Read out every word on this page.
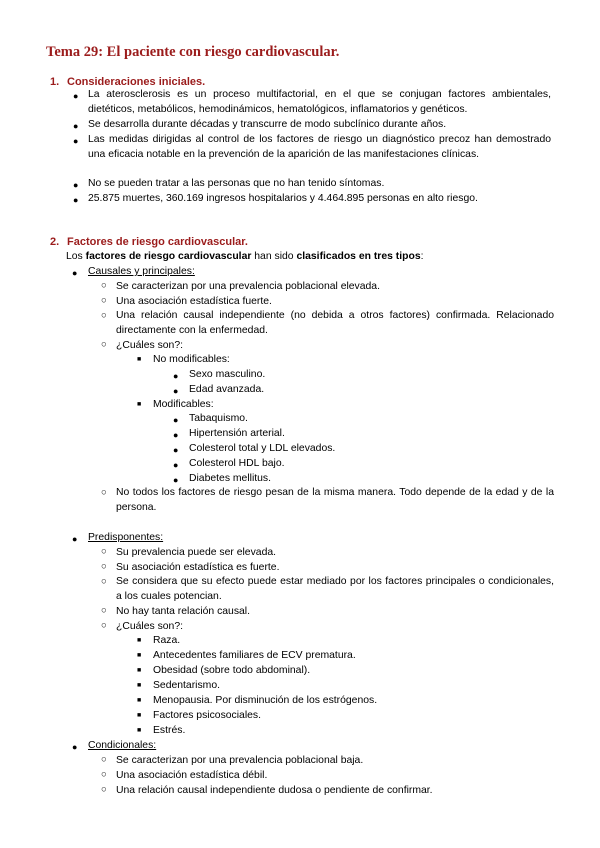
Tema 29: El paciente con riesgo cardiovascular.
1. Consideraciones iniciales.
● La aterosclerosis es un proceso multifactorial, en el que se conjugan factores ambientales, dietéticos, metabólicos, hemodinámicos, hematológicos, inflamatorios y genéticos.
● Se desarrolla durante décadas y transcurre de modo subclínico durante años.
● Las medidas dirigidas al control de los factores de riesgo un diagnóstico precoz han demostrado una eficacia notable en la prevención de la aparición de las manifestaciones clínicas.
● No se pueden tratar a las personas que no han tenido síntomas.
● 25.875 muertes, 360.169 ingresos hospitalarios y 4.464.895 personas en alto riesgo.
2. Factores de riesgo cardiovascular.
Los factores de riesgo cardiovascular han sido clasificados en tres tipos:
● Causales y principales:
○ Se caracterizan por una prevalencia poblacional elevada.
○ Una asociación estadística fuerte.
○ Una relación causal independiente (no debida a otros factores) confirmada. Relacionado directamente con la enfermedad.
○ ¿Cuáles son?:
■ No modificables:
● Sexo masculino.
● Edad avanzada.
■ Modificables:
● Tabaquismo.
● Hipertensión arterial.
● Colesterol total y LDL elevados.
● Colesterol HDL bajo.
● Diabetes mellitus.
○ No todos los factores de riesgo pesan de la misma manera. Todo depende de la edad y de la persona.
● Predisponentes:
○ Su prevalencia puede ser elevada.
○ Su asociación estadística es fuerte.
○ Se considera que su efecto puede estar mediado por los factores principales o condicionales, a los cuales potencian.
○ No hay tanta relación causal.
○ ¿Cuáles son?:
■ Raza.
■ Antecedentes familiares de ECV prematura.
■ Obesidad (sobre todo abdominal).
■ Sedentarismo.
■ Menopausia. Por disminución de los estrógenos.
■ Factores psicosociales.
■ Estrés.
● Condicionales:
○ Se caracterizan por una prevalencia poblacional baja.
○ Una asociación estadística débil.
○ Una relación causal independiente dudosa o pendiente de confirmar.
